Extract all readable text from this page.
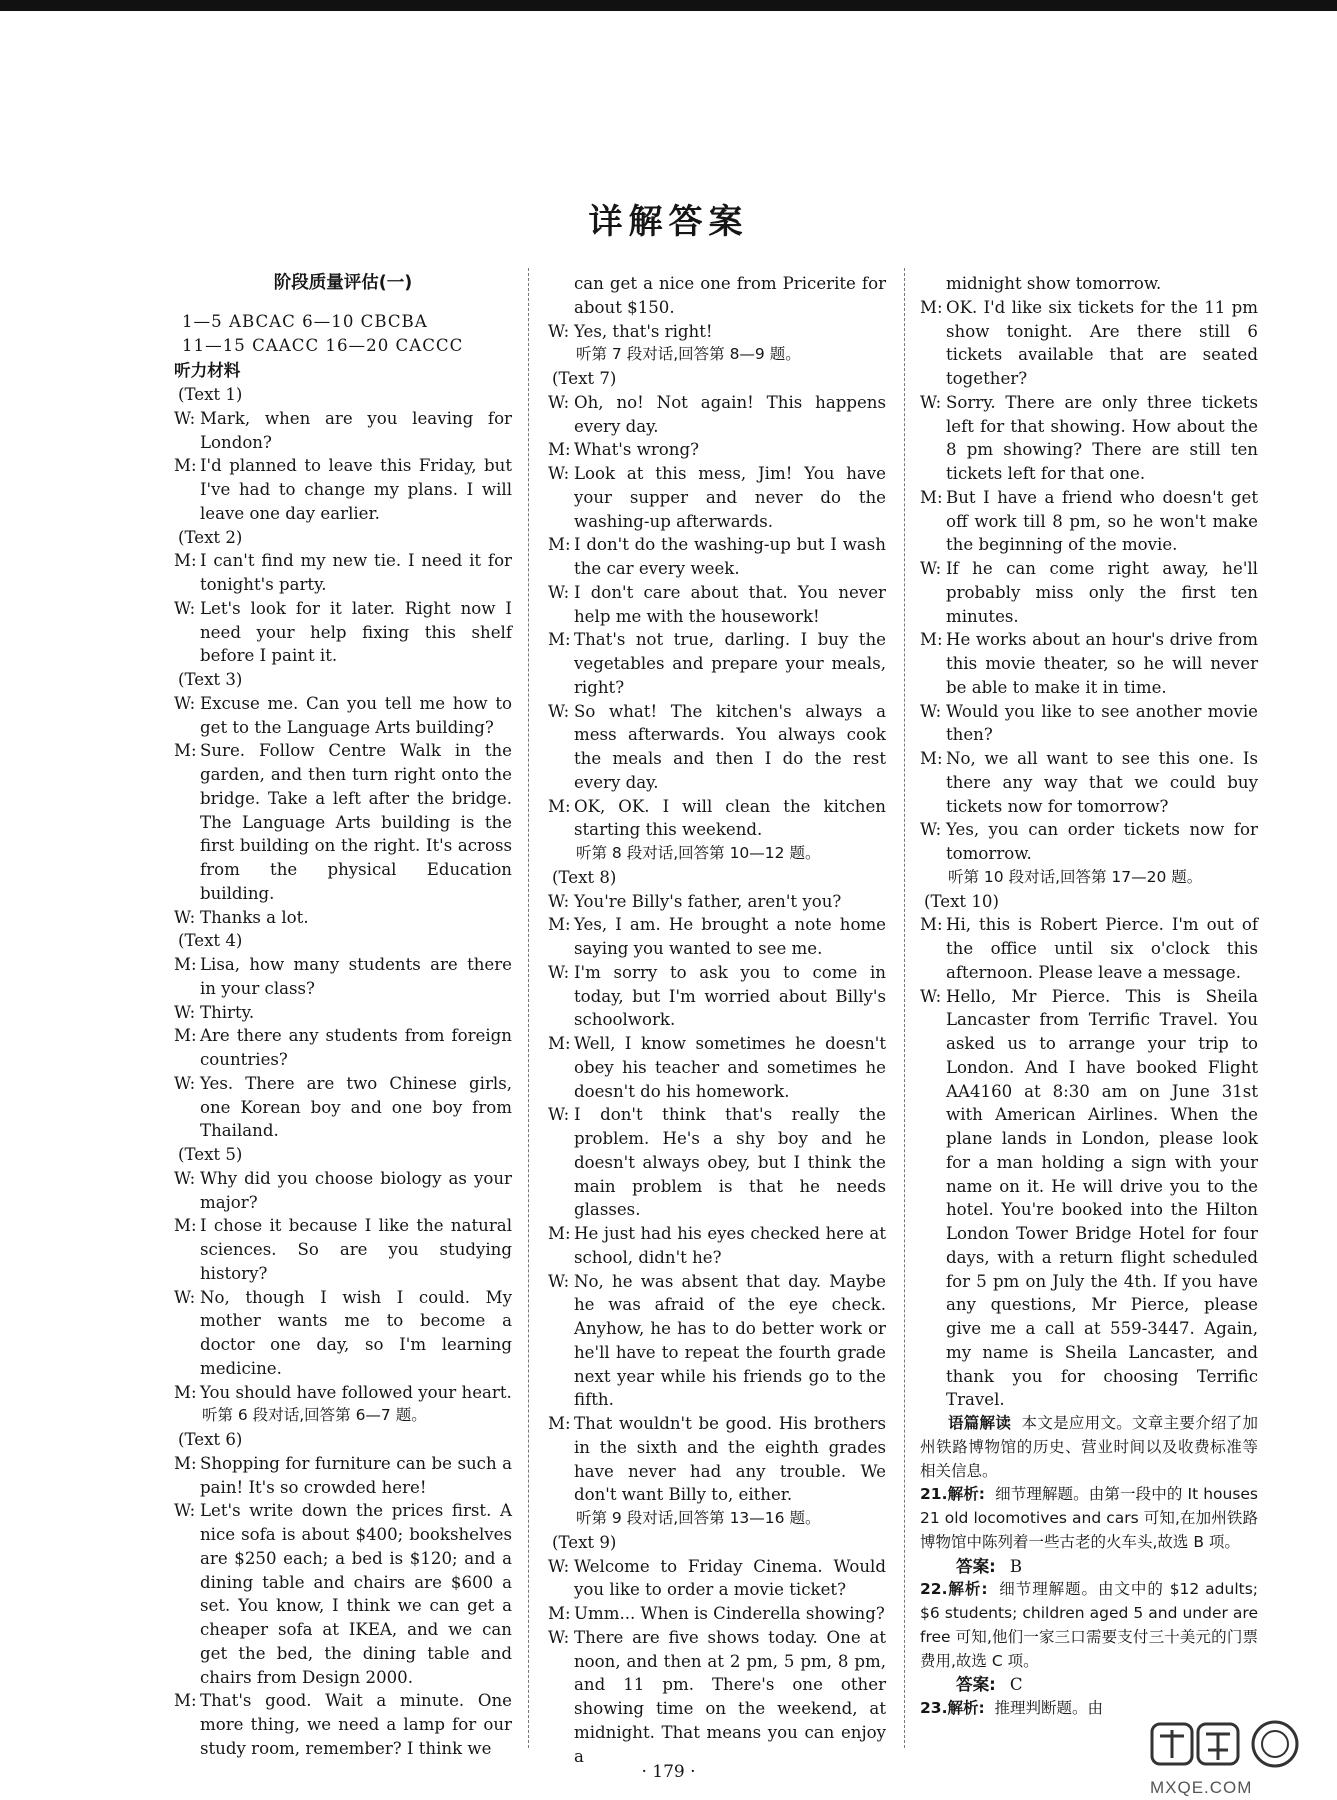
详解答案
阶段质量评估(一)
1—5 ABCAC 6—10 CBCBA
11—15 CAACC 16—20 CACCC
听力材料
(Text 1)
W: Mark, when are you leaving for London?
M: I'd planned to leave this Friday, but I've had to change my plans. I will leave one day earlier.
(Text 2)
M: I can't find my new tie. I need it for tonight's party.
W: Let's look for it later. Right now I need your help fixing this shelf before I paint it.
(Text 3)
W: Excuse me. Can you tell me how to get to the Language Arts building?
M: Sure. Follow Centre Walk in the garden, and then turn right onto the bridge. Take a left after the bridge. The Language Arts building is the first building on the right. It's across from the physical Education building.
W: Thanks a lot.
(Text 4)
M: Lisa, how many students are there in your class?
W: Thirty.
M: Are there any students from foreign countries?
W: Yes. There are two Chinese girls, one Korean boy and one boy from Thailand.
(Text 5)
W: Why did you choose biology as your major?
M: I chose it because I like the natural sciences. So are you studying history?
W: No, though I wish I could. My mother wants me to become a doctor one day, so I'm learning medicine.
M: You should have followed your heart.
听第 6 段对话,回答第 6—7 题。
(Text 6)
M: Shopping for furniture can be such a pain! It's so crowded here!
W: Let's write down the prices first. A nice sofa is about $400; bookshelves are $250 each; a bed is $120; and a dining table and chairs are $600 a set. You know, I think we can get a cheaper sofa at IKEA, and we can get the bed, the dining table and chairs from Design 2000.
M: That's good. Wait a minute. One more thing, we need a lamp for our study room, remember? I think we
can get a nice one from Pricerite for about $150.
W: Yes, that's right!
听第 7 段对话,回答第 8—9 题。
(Text 7)
W: Oh, no! Not again! This happens every day.
M: What's wrong?
W: Look at this mess, Jim! You have your supper and never do the washing-up afterwards.
M: I don't do the washing-up but I wash the car every week.
W: I don't care about that. You never help me with the housework!
M: That's not true, darling. I buy the vegetables and prepare your meals, right?
W: So what! The kitchen's always a mess afterwards. You always cook the meals and then I do the rest every day.
M: OK, OK. I will clean the kitchen starting this weekend.
听第 8 段对话,回答第 10—12 题。
(Text 8)
W: You're Billy's father, aren't you?
M: Yes, I am. He brought a note home saying you wanted to see me.
W: I'm sorry to ask you to come in today, but I'm worried about Billy's schoolwork.
M: Well, I know sometimes he doesn't obey his teacher and sometimes he doesn't do his homework.
W: I don't think that's really the problem. He's a shy boy and he doesn't always obey, but I think the main problem is that he needs glasses.
M: He just had his eyes checked here at school, didn't he?
W: No, he was absent that day. Maybe he was afraid of the eye check. Anyhow, he has to do better work or he'll have to repeat the fourth grade next year while his friends go to the fifth.
M: That wouldn't be good. His brothers in the sixth and the eighth grades have never had any trouble. We don't want Billy to, either.
听第 9 段对话,回答第 13—16 题。
(Text 9)
W: Welcome to Friday Cinema. Would you like to order a movie ticket?
M: Umm... When is Cinderella showing?
W: There are five shows today. One at noon, and then at 2 pm, 5 pm, 8 pm, and 11 pm. There's one other showing time on the weekend, at midnight. That means you can enjoy a
midnight show tomorrow.
M: OK. I'd like six tickets for the 11 pm show tonight. Are there still 6 tickets available that are seated together?
W: Sorry. There are only three tickets left for that showing. How about the 8 pm showing? There are still ten tickets left for that one.
M: But I have a friend who doesn't get off work till 8 pm, so he won't make the beginning of the movie.
W: If he can come right away, he'll probably miss only the first ten minutes.
M: He works about an hour's drive from this movie theater, so he will never be able to make it in time.
W: Would you like to see another movie then?
M: No, we all want to see this one. Is there any way that we could buy tickets now for tomorrow?
W: Yes, you can order tickets now for tomorrow.
听第 10 段对话,回答第 17—20 题。
(Text 10)
M: Hi, this is Robert Pierce. I'm out of the office until six o'clock this afternoon. Please leave a message.
W: Hello, Mr Pierce. This is Sheila Lancaster from Terrific Travel. You asked us to arrange your trip to London. And I have booked Flight AA4160 at 8:30 am on June 31st with American Airlines. When the plane lands in London, please look for a man holding a sign with your name on it. He will drive you to the hotel. You're booked into the Hilton London Tower Bridge Hotel for four days, with a return flight scheduled for 5 pm on July the 4th. If you have any questions, Mr Pierce, please give me a call at 559-3447. Again, my name is Sheila Lancaster, and thank you for choosing Terrific Travel.
语篇解读 本文是应用文。文章主要介绍了加州铁路博物馆的历史、营业时间以及收费标准等相关信息。
21.解析: 细节理解题。由第一段中的 It houses 21 old locomotives and cars 可知,在加州铁路博物馆中陈列着一些古老的火车头,故选 B 项。
答案: B
22.解析: 细节理解题。由文中的 $12 adults; $6 students; children aged 5 and under are free 可知,他们一家三口需要支付三十美元的门票费用,故选 C 项。
答案: C
23.解析: 推理判断题。由
· 179 ·
MXQE.COM
